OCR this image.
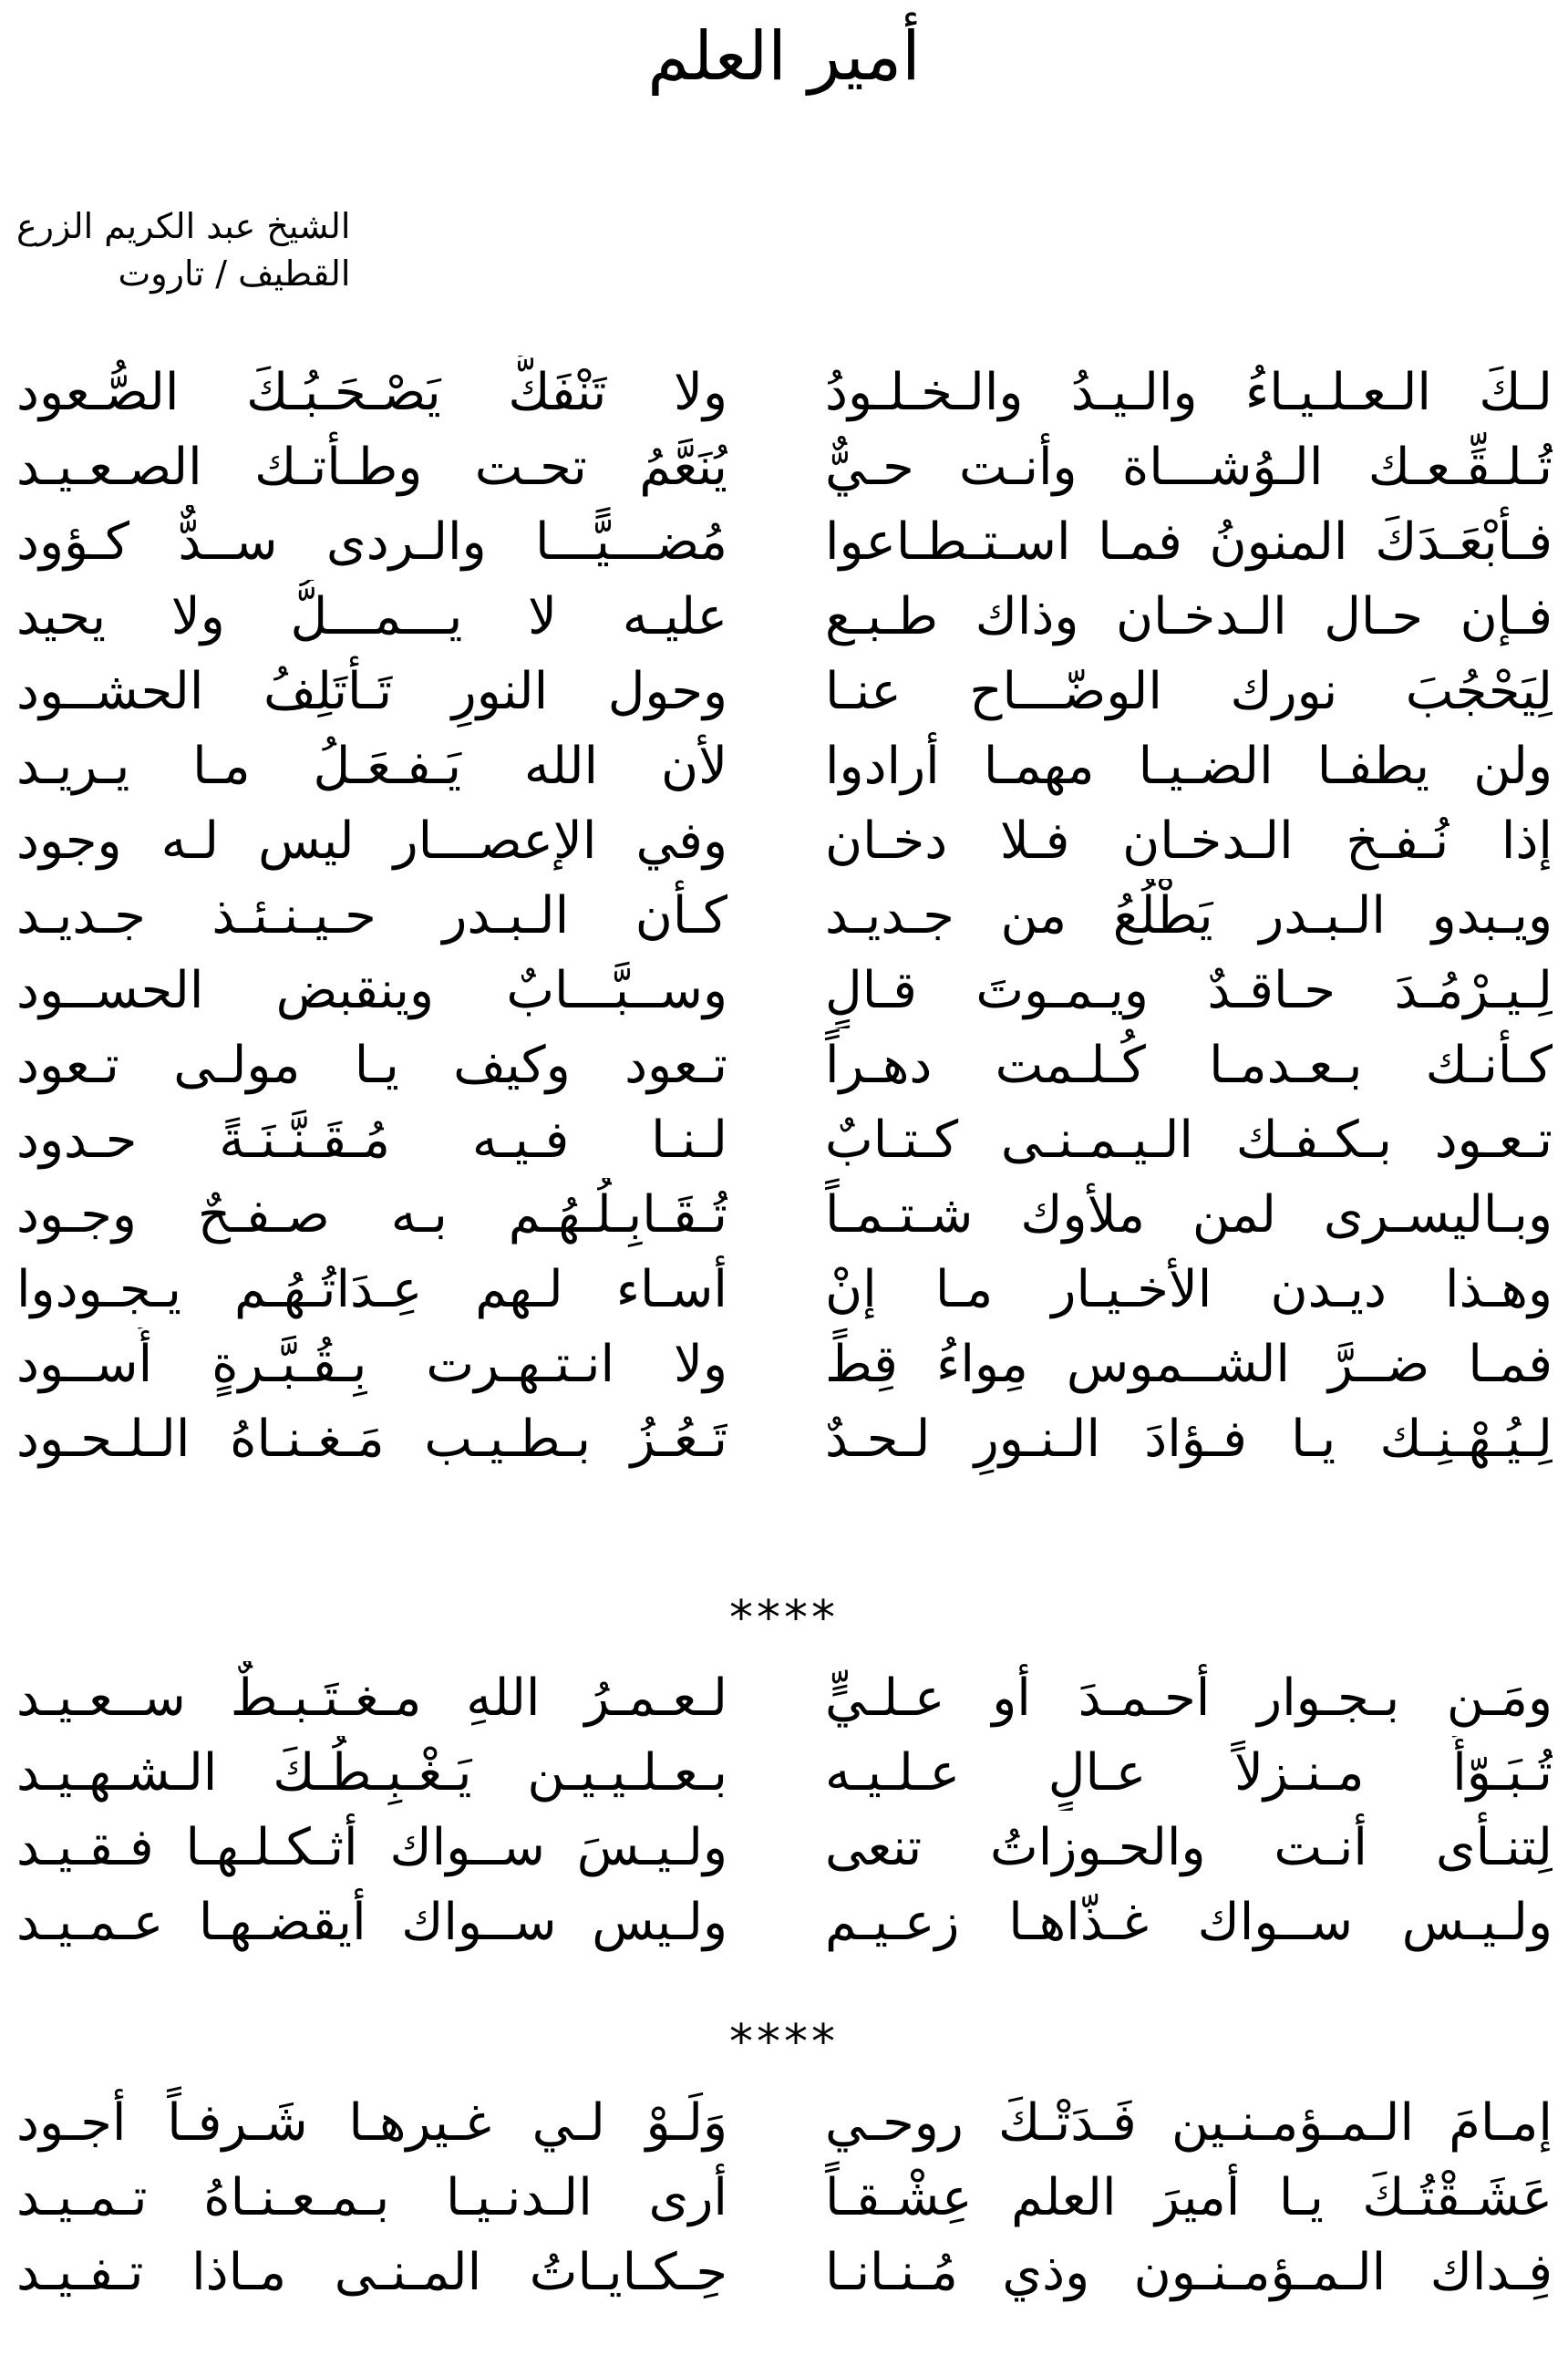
أمير العلم
الشيخ عبد الكريم الزرع
القطيف / تاروت
لـكَ الـعـلـيـاءُ والـيـدُ والـخـلـودُ
ولا تَنْفَكُّ يَصْـحَـبُـكَ الصُّـعود
تُـلـقِّـعـك الـوُشـــاة وأنـت حـيٌّ
يُنَعَّمُ تحـت وطـأتـك الصـعـيـد
فـأبْعَـدَكَ المنونُ فمـا اسـتـطـاعوا
مُضـــيًّـــا والـردى ســدٌّ كـؤود
فـإن حـال الـدخـان وذاك طـبـع
عليـه لا يـــمـــلُّ ولا يحيد
لِيَحْجُبَ نورك الوضّـــاح عنـا
وحول النورِ تَـأْتَلِفُ الحشــود
ولن يطفـا الضـيـا مهمـا أرادوا
لأن الله يَـفـعَـلُ مـا يـريـد
إذا نُـفـخ الـدخـان فـلا دخـان
وفي الإعصـــار ليس لـه وجود
ويـبدو الـبـدر يَطْلُعُ من جـديـد
كـأن الـبـدر حـيـنـئـذ جـديـد
لِـيـرْمُـدَ حـاقـدٌ ويـمـوتَ قـالٍ
وســبَّـــابٌ وينقبض الحســود
كـأنـك بـعـدمـا كُـلـمت دهـراً
تـعود وكيف يـا مولـى تـعود
تـعـود بـكـفـك الـيـمـنـى كـتـابٌ
لـنـا فـيـه مُـقَـنَّـنَـةً حـدود
وبـاليسـرى لمن ملأوك شـتـمـاً
تُـقَـابِـلُـهُـم بـه صـفـحٌ وجـود
وهـذا ديـدن الأخـيـار مـا إنْ
أسـاء لـهم عِـدَاتُـهُـم يـجـودوا
فمـا ضــرَّ الشــموس مِواءُ قِطٍّ
ولا انـتـهـرت بِـقُـبَّـرةٍ أُســود
لِـيُـهْـنِـك يـا فـؤادَ الـنـورِ لـحـدٌ
تَـعُـزُ بـطـيـب مَـغـنـاهُ الـلـحـود
****
ومَـن بـجـوار أحـمـدَ أو عـلـيٍّ
لـعـمـرُ اللهِ مـغـتَـبـطٌ ســعـيـد
تُـبَـوّأُ مـنـزلاً عـالٍ عـلـيـه
بـعـلـيـيـن يَـغْـبِـطُـكَ الـشـهـيـد
لِتنـأى أنـت والحـوزاتُ تنعى
ولـيـسَ ســواك أثـكـلـهـا فـقـيـد
ولـيـس ســواك غـذّاهـا زعـيـم
ولـيس ســواك أيقضـهـا عـمـيـد
****
إمـامَ الـمـؤمـنـين فَـدَتْـكَ روحـي
وَلَـوْ لـي غـيرهـا شَـرفـاً أجـود
عَشَـقْتُـكَ يـا أميرَ العلم عِشْـقـاً
أرى الـدنـيـا بـمـعـنـاهُ تـمـيـد
فِـداك الـمـؤمـنـون وذي مُـنـانـا
حِـكـايـاتُ المـنـى مـاذا تـفـيـد
